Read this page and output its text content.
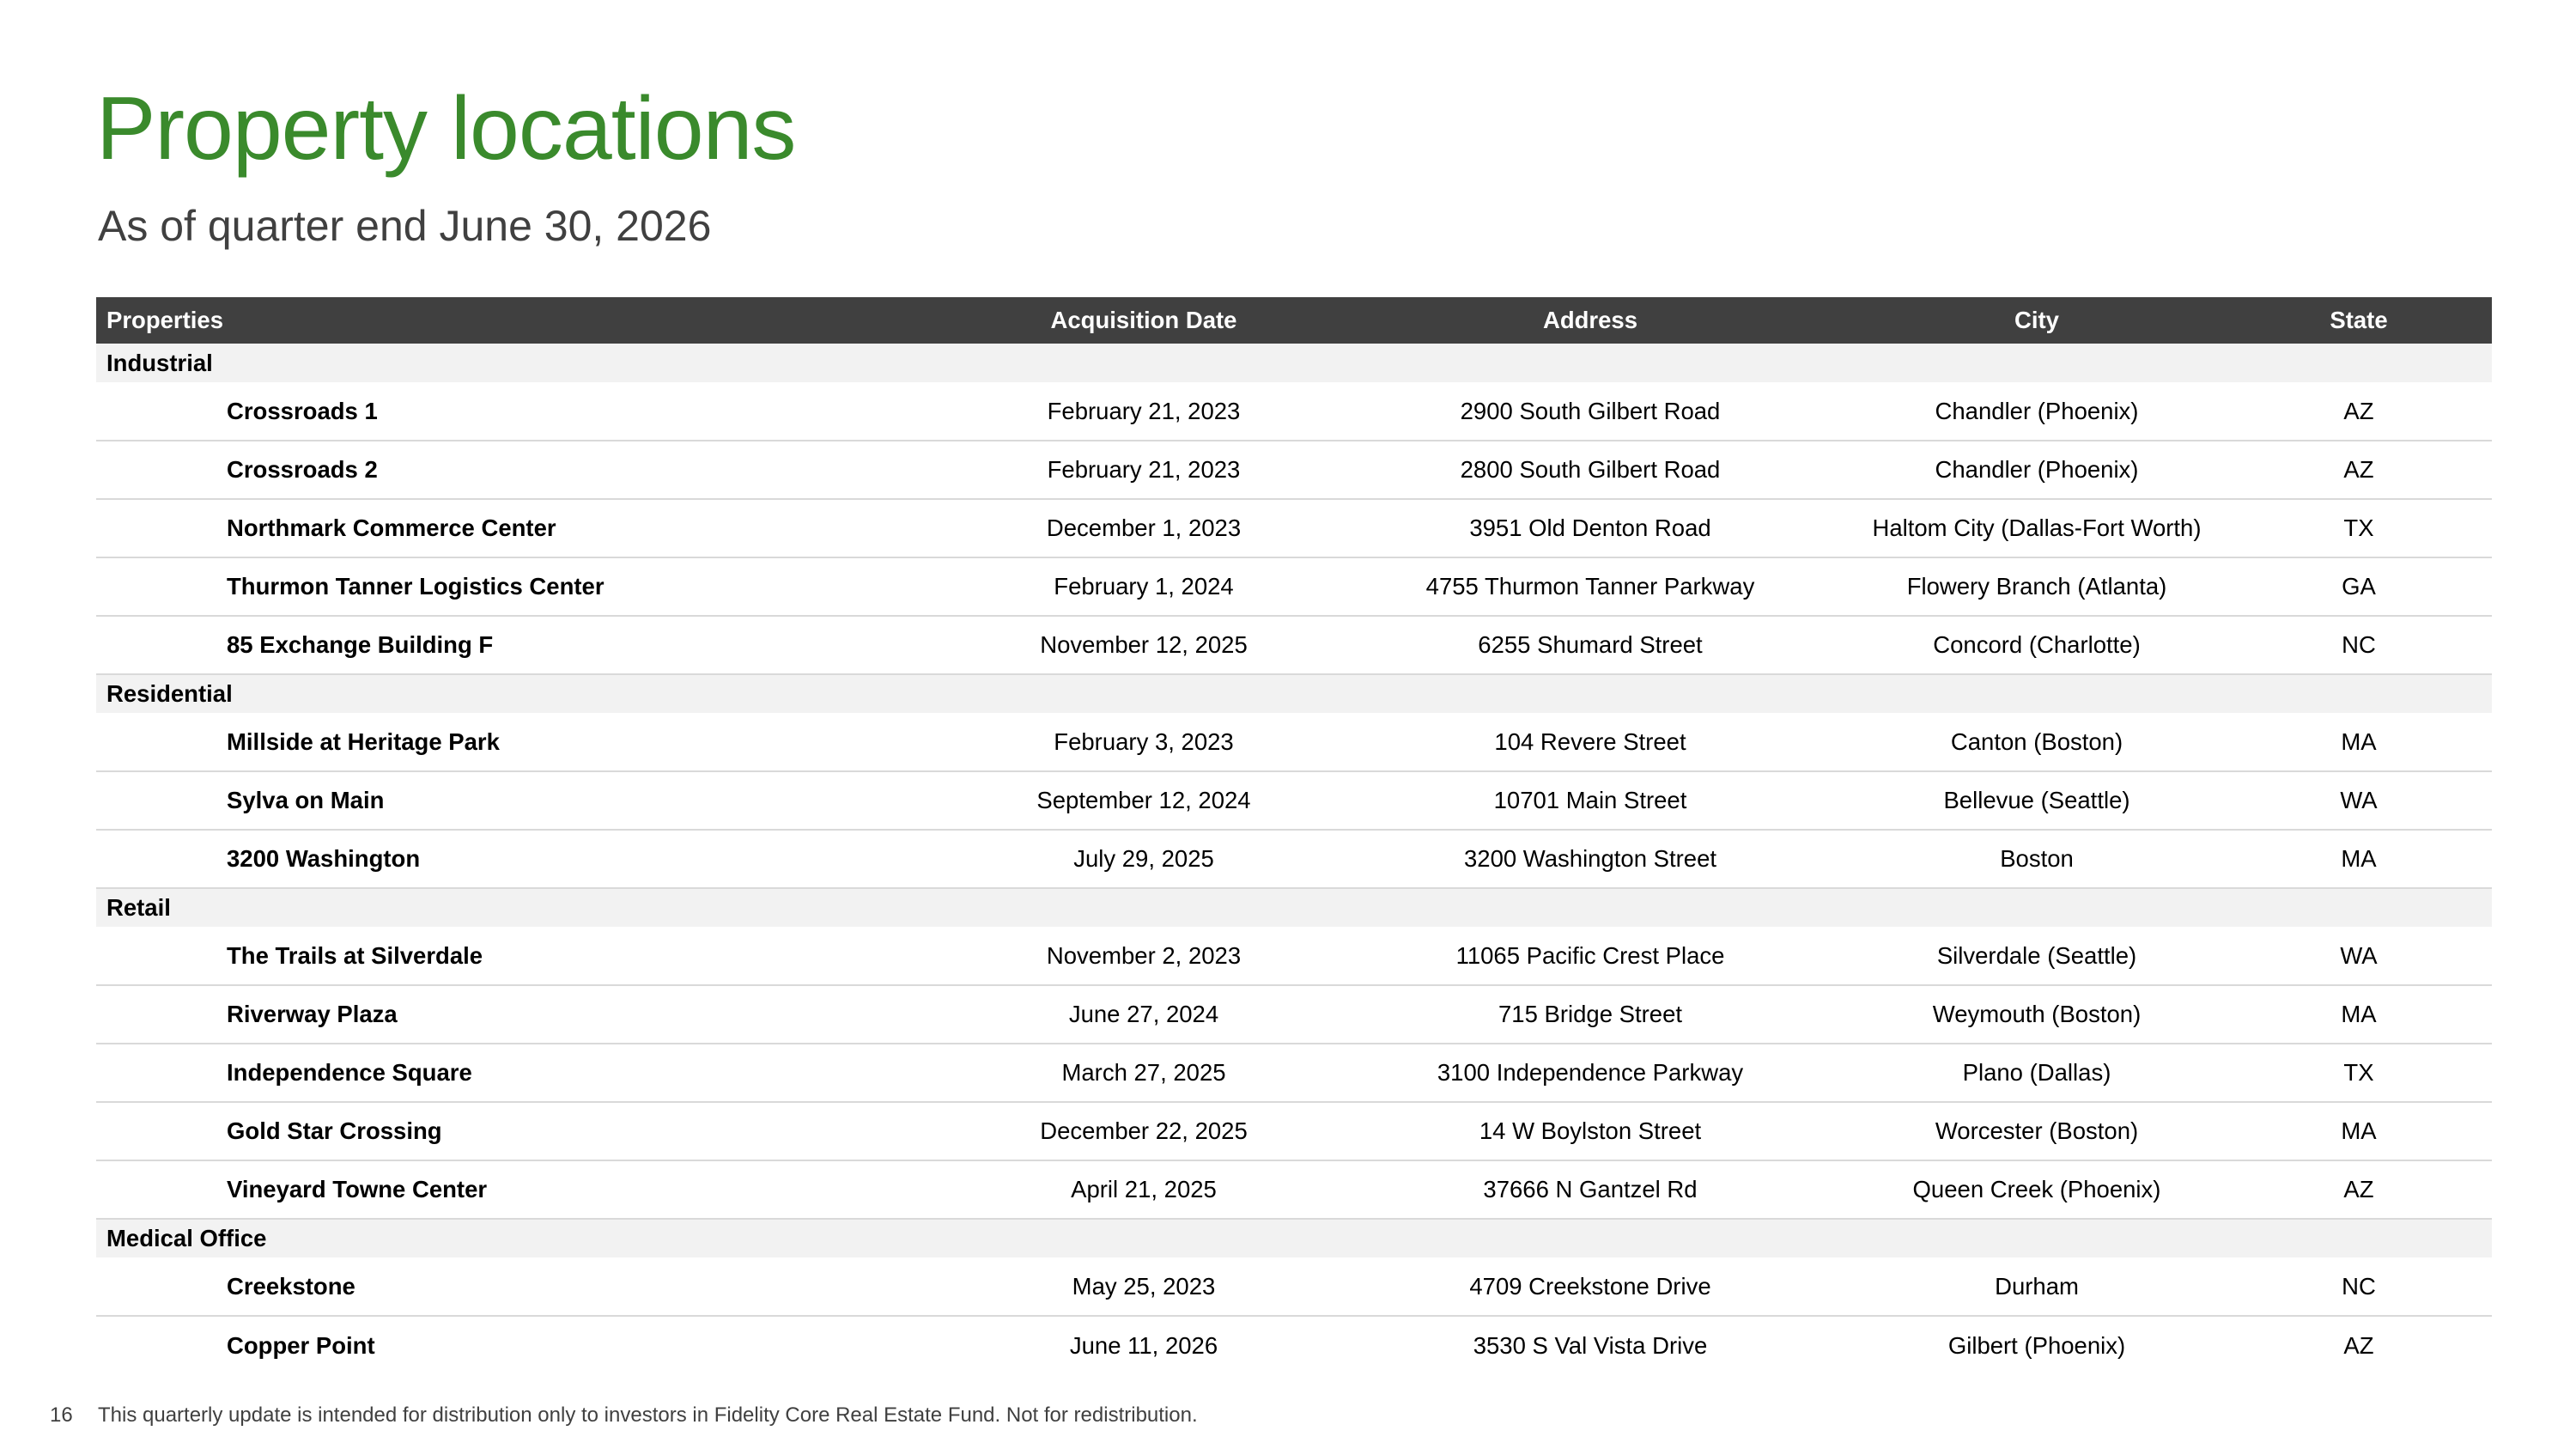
Property locations
As of quarter end June 30, 2026
Properties	Acquisition Date	Address	City	State
Industrial				
Crossroads 1	February 21, 2023	2900 South Gilbert Road	Chandler (Phoenix)	AZ
Crossroads 2	February 21, 2023	2800 South Gilbert Road	Chandler (Phoenix)	AZ
Northmark Commerce Center	December 1, 2023	3951 Old Denton Road	Haltom City (Dallas-Fort Worth)	TX
Thurmon Tanner Logistics Center	February 1, 2024	4755 Thurmon Tanner Parkway	Flowery Branch (Atlanta)	GA
85 Exchange Building F	November 12, 2025	6255 Shumard Street	Concord (Charlotte)	NC
Residential				
Millside at Heritage Park	February 3, 2023	104 Revere Street	Canton (Boston)	MA
Sylva on Main	September 12, 2024	10701 Main Street	Bellevue (Seattle)	WA
3200 Washington	July 29, 2025	3200 Washington Street	Boston	MA
Retail				
The Trails at Silverdale	November 2, 2023	11065 Pacific Crest Place	Silverdale (Seattle)	WA
Riverway Plaza	June 27, 2024	715 Bridge Street	Weymouth (Boston)	MA
Independence Square	March 27, 2025	3100 Independence Parkway	Plano (Dallas)	TX
Gold Star Crossing	December 22, 2025	14 W Boylston Street	Worcester (Boston)	MA
Vineyard Towne Center	April 21, 2025	37666 N Gantzel Rd	Queen Creek (Phoenix)	AZ
Medical Office				
Creekstone	May 25, 2023	4709 Creekstone Drive	Durham	NC
Copper Point	June 11, 2026	3530 S Val Vista Drive	Gilbert (Phoenix)	AZ
16 This quarterly update is intended for distribution only to investors in Fidelity Core Real Estate Fund. Not for redistribution.
